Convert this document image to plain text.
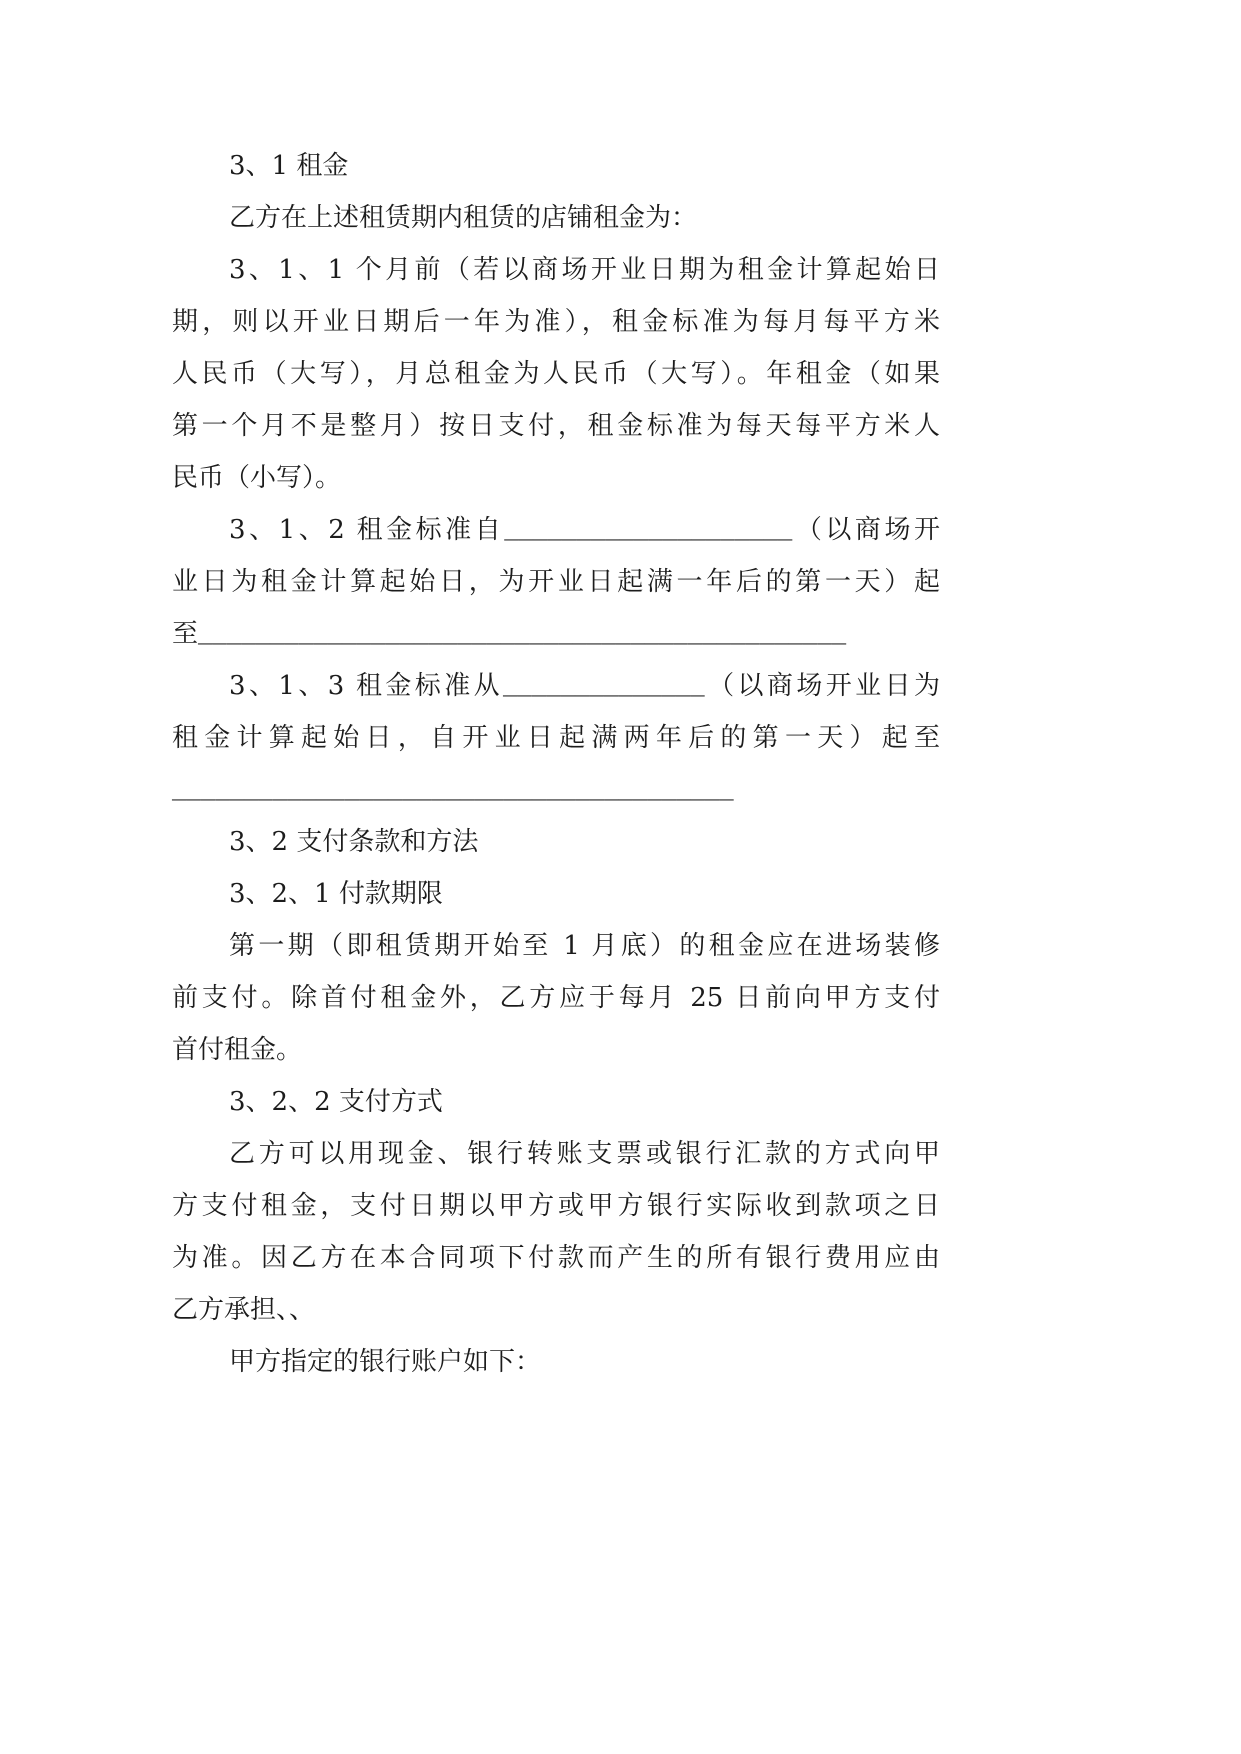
3、1 租金
乙方在上述租赁期内租赁的店铺租金为：
3、1、1 个月前（若以商场开业日期为租金计算起始日
期，则以开业日期后一年为准），租金标准为每月每平方米
人民币（大写），月总租金为人民币（大写）。年租金（如果
第一个月不是整月）按日支付，租金标准为每天每平方米人
民币（小写）。
3、1、2 租金标准自____________________（以商场开
业日为租金计算起始日，为开业日起满一年后的第一天）起
至_____________________________________________
3、1、3 租金标准从______________（以商场开业日为
租金计算起始日，自开业日起满两年后的第一天）起至
_______________________________________
3、2 支付条款和方法
3、2、1 付款期限
第一期（即租赁期开始至 1 月底）的租金应在进场装修
前支付。除首付租金外，乙方应于每月 25 日前向甲方支付
首付租金。
3、2、2 支付方式
乙方可以用现金、银行转账支票或银行汇款的方式向甲
方支付租金，支付日期以甲方或甲方银行实际收到款项之日
为准。因乙方在本合同项下付款而产生的所有银行费用应由
乙方承担、、
甲方指定的银行账户如下：
